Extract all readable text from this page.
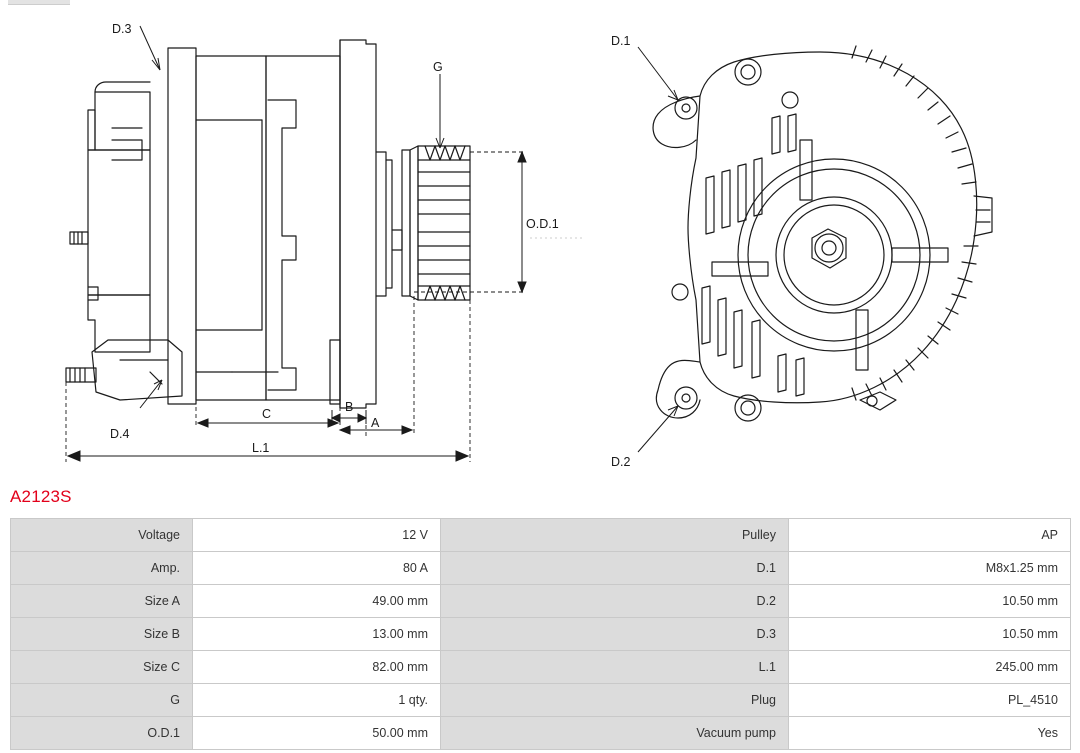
D.3
D.4
G
O.D.1
C	B
A
L.1
D.1
D.2
A2123S
Voltage	12 V	Pulley	AP
Amp.	80 A	D.1	M8x1.25 mm
Size A	49.00 mm	D.2	10.50 mm
Size B	13.00 mm	D.3	10.50 mm
Size C	82.00 mm	L.1	245.00 mm
G	1 qty.	Plug	PL_4510
O.D.1	50.00 mm	Vacuum pump	Yes
